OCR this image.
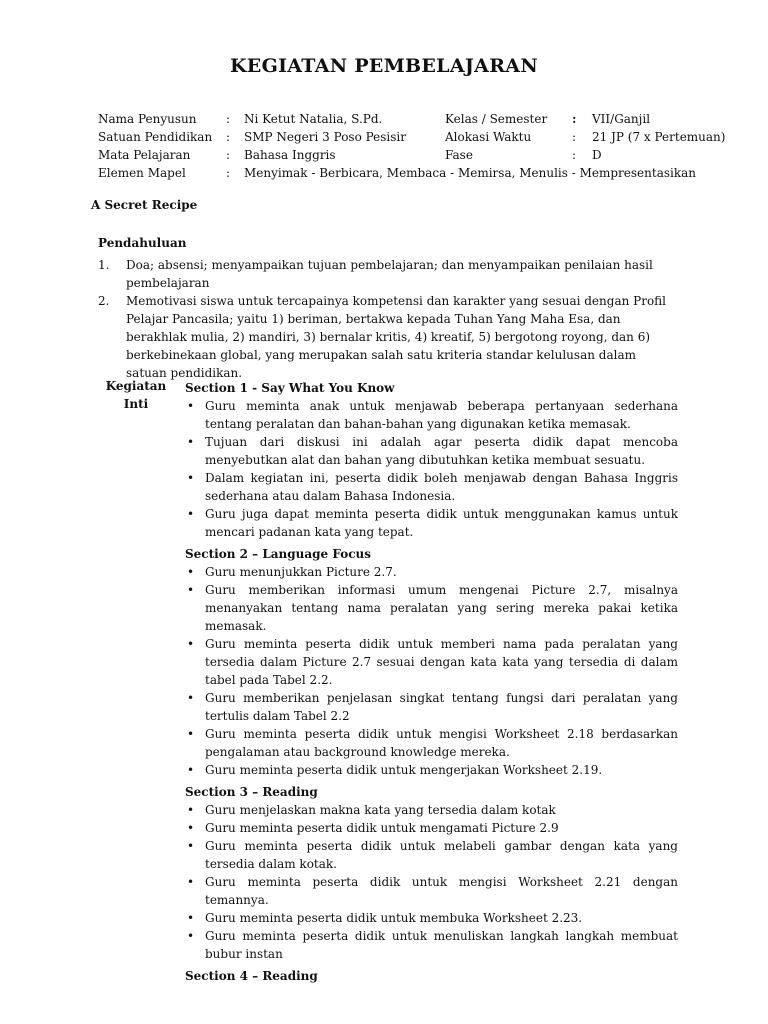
KEGIATAN PEMBELAJARAN
Nama Penyusun : Ni Ketut Natalia, S.Pd.	Kelas / Semester : VII/Ganjil
Satuan Pendidikan : SMP Negeri 3 Poso Pesisir	Alokasi Waktu	: 21 JP (7 x Pertemuan)
Mata Pelajaran	: Bahasa Inggris	Fase	: D
Elemen Mapel	: Menyimak - Berbicara, Membaca - Memirsa, Menulis - Mempresentasikan
A Secret Recipe
Pendahuluan
1. Doa; absensi; menyampaikan tujuan pembelajaran; dan menyampaikan penilaian hasil pembelajaran
2. Memotivasi siswa untuk tercapainya kompetensi dan karakter yang sesuai dengan Profil Pelajar Pancasila; yaitu 1) beriman, bertakwa kepada Tuhan Yang Maha Esa, dan berakhlak mulia, 2) mandiri, 3) bernalar kritis, 4) kreatif, 5) bergotong royong, dan 6) berkebinekaan global, yang merupakan salah satu kriteria standar kelulusan dalam satuan pendidikan.
Kegiatan
Inti
Section 1 - Say What You Know
• Guru meminta anak untuk menjawab beberapa pertanyaan sederhana tentang peralatan dan bahan-bahan yang digunakan ketika memasak.
• Tujuan dari diskusi ini adalah agar peserta didik dapat mencoba menyebutkan alat dan bahan yang dibutuhkan ketika membuat sesuatu.
• Dalam kegiatan ini, peserta didik boleh menjawab dengan Bahasa Inggris sederhana atau dalam Bahasa Indonesia.
• Guru juga dapat meminta peserta didik untuk menggunakan kamus untuk mencari padanan kata yang tepat.
Section 2 – Language Focus
• Guru menunjukkan Picture 2.7.
• Guru memberikan informasi umum mengenai Picture 2.7, misalnya menanyakan tentang nama peralatan yang sering mereka pakai ketika memasak.
• Guru meminta peserta didik untuk memberi nama pada peralatan yang tersedia dalam Picture 2.7 sesuai dengan kata kata yang tersedia di dalam tabel pada Tabel 2.2.
• Guru memberikan penjelasan singkat tentang fungsi dari peralatan yang tertulis dalam Tabel 2.2
• Guru meminta peserta didik untuk mengisi Worksheet 2.18 berdasarkan pengalaman atau background knowledge mereka.
• Guru meminta peserta didik untuk mengerjakan Worksheet 2.19.
Section 3 – Reading
• Guru menjelaskan makna kata yang tersedia dalam kotak
• Guru meminta peserta didik untuk mengamati Picture 2.9
• Guru meminta peserta didik untuk melabeli gambar dengan kata yang tersedia dalam kotak.
• Guru meminta peserta didik untuk mengisi Worksheet 2.21 dengan temannya.
• Guru meminta peserta didik untuk membuka Worksheet 2.23.
• Guru meminta peserta didik untuk menuliskan langkah langkah membuat bubur instan
Section 4 – Reading
